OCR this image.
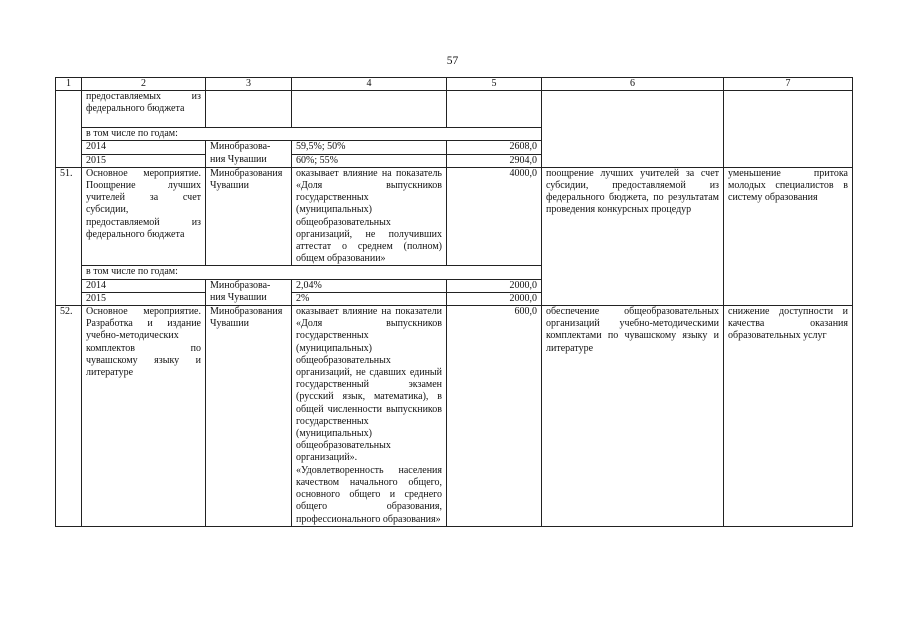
57
1	2	3	4	5	6	7
	предоставляемых из федерального бюджета					
	в том числе по годам:					
	2014	Минобразова-	59,5%; 50%	2608,0		
	2015	ния Чувашии	60%; 55%	2904,0		
51.	Основное мероприятие. Поощрение лучших учителей за счет субсидии, предоставляемой из федерального бюджета	Минобразования Чувашии	оказывает влияние на показатель «Доля выпускников государственных (муниципальных) общеобразовательных организаций, не получивших аттестат о среднем (полном) общем образовании»	4000,0	поощрение лучших учителей за счет субсидии, предоставляемой из федерального бюджета, по результатам проведения конкурсных процедур	уменьшение притока молодых специалистов в систему образования
	в том числе по годам:					
	2014	Минобразова-	2,04%	2000,0		
	2015	ния Чувашии	2%	2000,0		
52.	Основное мероприятие. Разработка и издание учебно-методических комплектов по чувашскому языку и литературе	Минобразования Чувашии	оказывает влияние на показатели «Доля выпускников государственных (муниципальных) общеобразовательных организаций, не сдавших единый государственный экзамен (русский язык, математика), в общей численности выпускников государственных (муниципальных) общеобразовательных организаций». «Удовлетворенность населения качеством начального общего, основного общего и среднего общего образования, профессионального образования»	600,0	обеспечение общеобразовательных организаций учебно-методическими комплектами по чувашскому языку и литературе	снижение доступности и качества оказания образовательных услуг
